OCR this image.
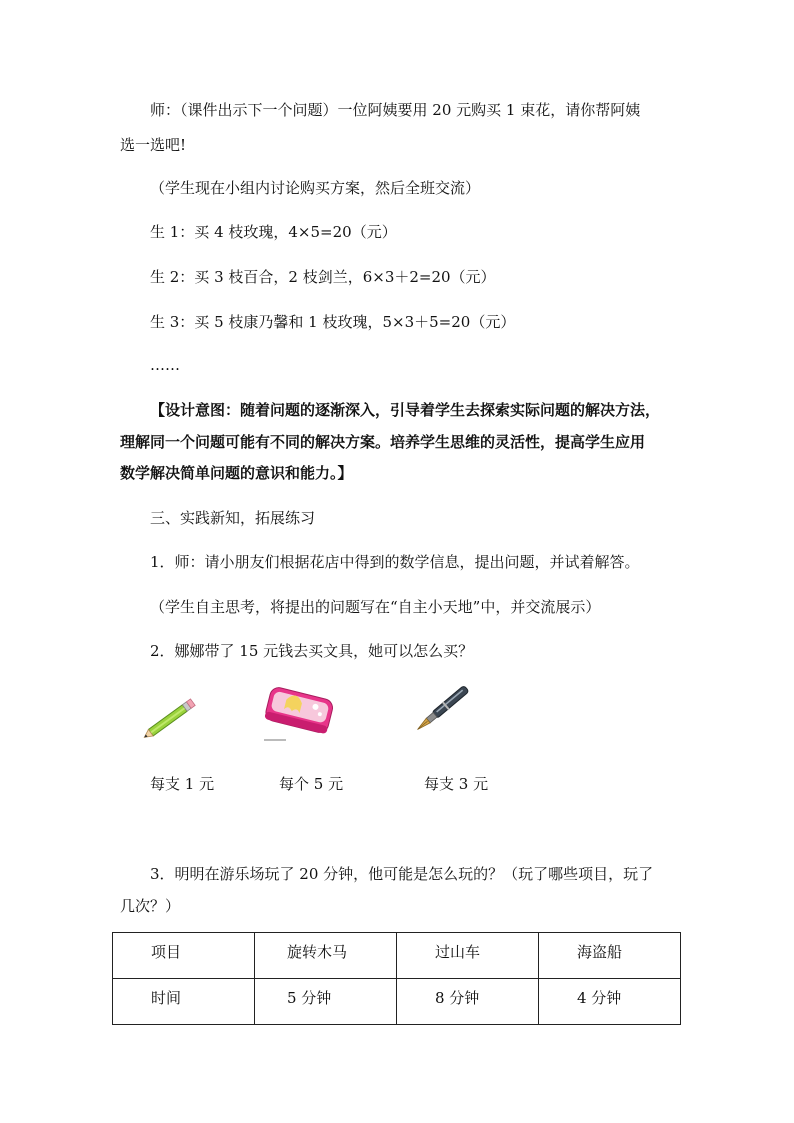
师：（课件出示下一个问题）一位阿姨要用 20 元购买 1 束花，请你帮阿姨
选一选吧!
（学生现在小组内讨论购买方案，然后全班交流）
生 1：买 4 枝玫瑰，4×5=20（元）
生 2：买 3 枝百合，2 枝剑兰，6×3＋2=20（元）
生 3：买 5 枝康乃馨和 1 枝玫瑰，5×3＋5=20（元）
……
【设计意图：随着问题的逐渐深入，引导着学生去探索实际问题的解决方法，
理解同一个问题可能有不同的解决方案。培养学生思维的灵活性，提高学生应用
数学解决简单问题的意识和能力。】
三、实践新知，拓展练习
1．师：请小朋友们根据花店中得到的数学信息，提出问题，并试着解答。
（学生自主思考，将提出的问题写在“自主小天地”中，并交流展示）
2．娜娜带了 15 元钱去买文具，她可以怎么买？
每支 1 元	每个 5 元	每支 3 元
3．明明在游乐场玩了 20 分钟，他可能是怎么玩的？（玩了哪些项目，玩了
几次？）
项目	旋转木马	过山车	海盗船

时间	5 分钟	8 分钟	4 分钟
